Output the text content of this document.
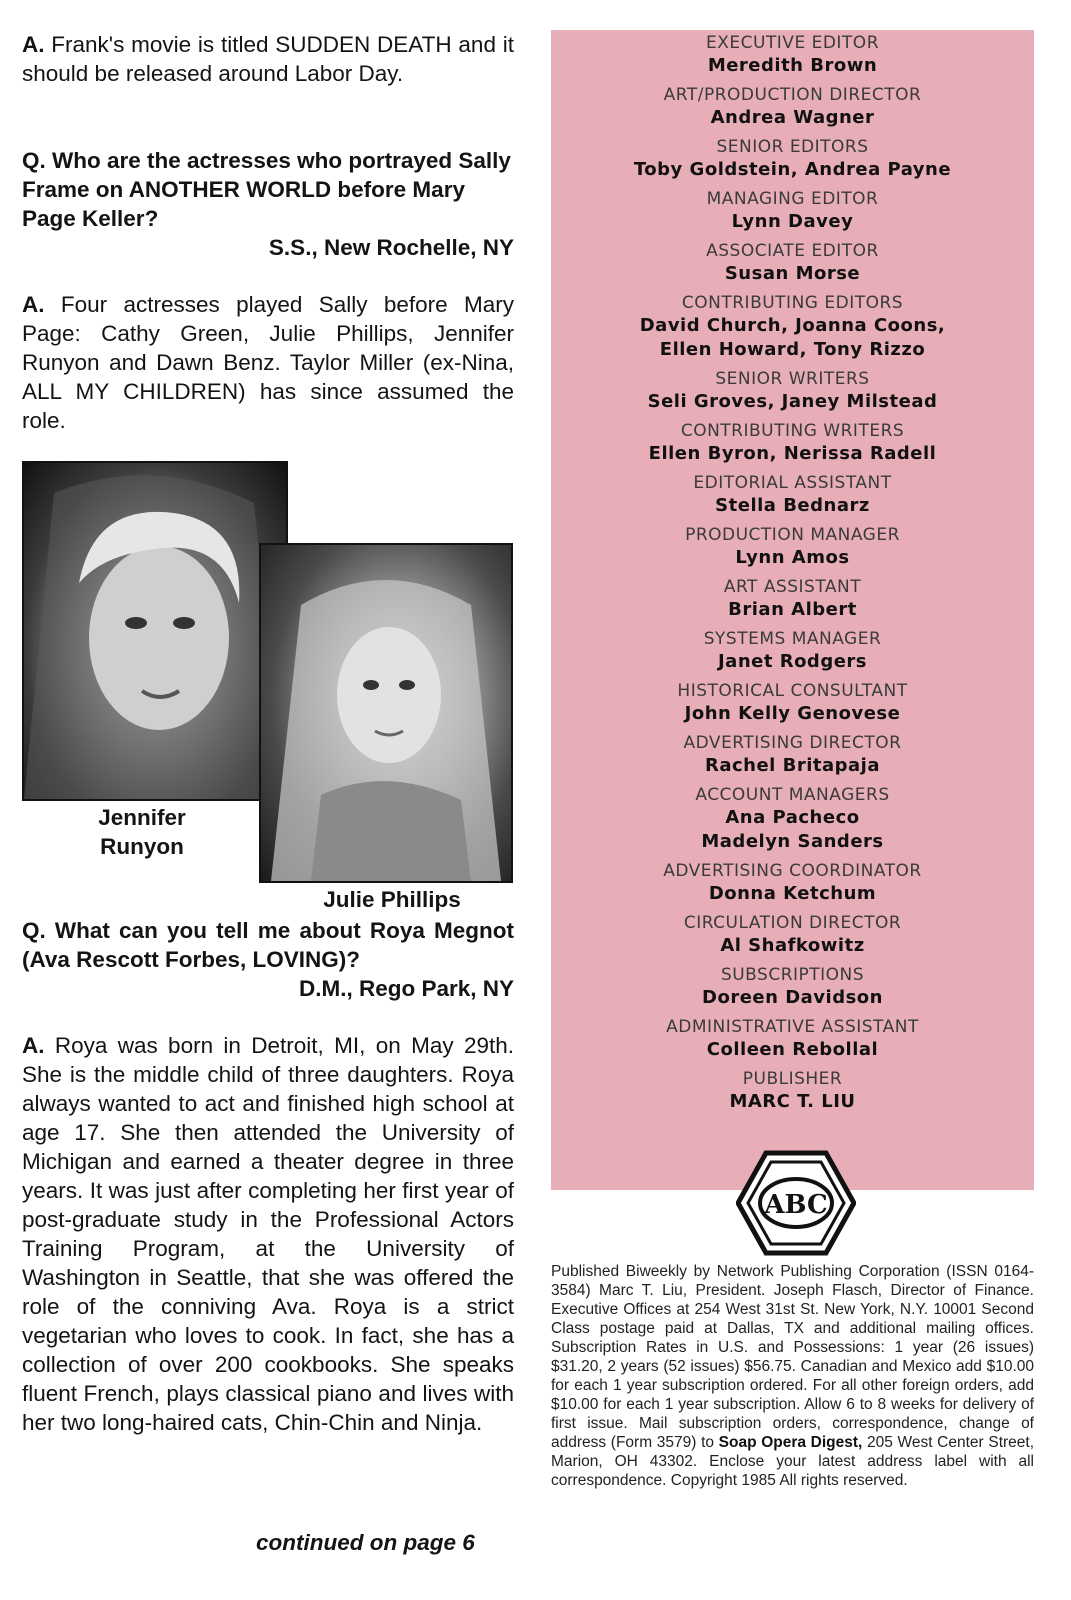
A. Frank's movie is titled SUDDEN DEATH and it should be released around Labor Day.

Q. Who are the actresses who portrayed Sally Frame on ANOTHER WORLD before Mary Page Keller?

S.S., New Rochelle, NY

A. Four actresses played Sally before Mary Page: Cathy Green, Julie Phillips, Jennifer Runyon and Dawn Benz. Taylor Miller (ex-Nina, ALL MY CHILDREN) has since assumed the role.

Jennifer Runyon
Julie Phillips

Q. What can you tell me about Roya Megnot (Ava Rescott Forbes, LOVING)?

D.M., Rego Park, NY

A. Roya was born in Detroit, MI, on May 29th. She is the middle child of three daughters. Roya always wanted to act and finished high school at age 17. She then attended the University of Michigan and earned a theater degree in three years. It was just after completing her first year of post-graduate study in the Professional Actors Training Program, at the University of Washington in Seattle, that she was offered the role of the conniving Ava. Roya is a strict vegetarian who loves to cook. In fact, she has a collection of over 200 cookbooks. She speaks fluent French, plays classical piano and lives with her two long-haired cats, Chin-Chin and Ninja.

continued on page 6
EXECUTIVE EDITOR
Meredith Brown
ART/PRODUCTION DIRECTOR
Andrea Wagner
SENIOR EDITORS
Toby Goldstein, Andrea Payne
MANAGING EDITOR
Lynn Davey
ASSOCIATE EDITOR
Susan Morse
CONTRIBUTING EDITORS
David Church, Joanna Coons,
Ellen Howard, Tony Rizzo
SENIOR WRITERS
Seli Groves, Janey Milstead
CONTRIBUTING WRITERS
Ellen Byron, Nerissa Radell
EDITORIAL ASSISTANT
Stella Bednarz
PRODUCTION MANAGER
Lynn Amos
ART ASSISTANT
Brian Albert
SYSTEMS MANAGER
Janet Rodgers
HISTORICAL CONSULTANT
John Kelly Genovese
ADVERTISING DIRECTOR
Rachel Britapaja
ACCOUNT MANAGERS
Ana Pacheco
Madelyn Sanders
ADVERTISING COORDINATOR
Donna Ketchum
CIRCULATION DIRECTOR
Al Shafkowitz
SUBSCRIPTIONS
Doreen Davidson
ADMINISTRATIVE ASSISTANT
Colleen Rebollal
PUBLISHER
MARC T. LIU
ABC
Published Biweekly by Network Publishing Corporation (ISSN 0164-3584) Marc T. Liu, President. Joseph Flasch, Director of Finance. Executive Offices at 254 West 31st St. New York, N.Y. 10001 Second Class postage paid at Dallas, TX and additional mailing offices. Subscription Rates in U.S. and Possessions: 1 year (26 issues) $31.20, 2 years (52 issues) $56.75. Canadian and Mexico add $10.00 for each 1 year subscription ordered. For all other foreign orders, add $10.00 for each 1 year subscription. Allow 6 to 8 weeks for delivery of first issue. Mail subscription orders, correspondence, change of address (Form 3579) to Soap Opera Digest, 205 West Center Street, Marion, OH 43302. Enclose your latest address label with all correspondence. Copyright 1985 All rights reserved.
